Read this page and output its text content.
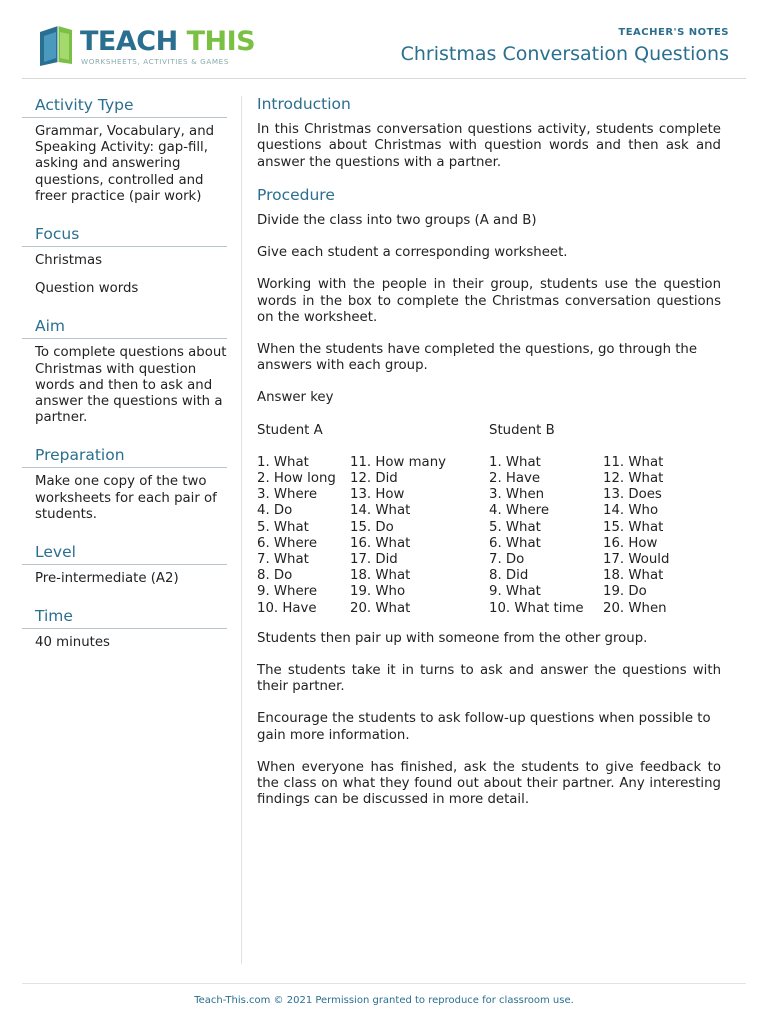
TEACH THIS
WORKSHEETS, ACTIVITIES & GAMES
TEACHER'S NOTES
Christmas Conversation Questions
Activity Type

Grammar, Vocabulary, and Speaking Activity: gap-fill, asking and answering questions, controlled and freer practice (pair work)

Focus

Christmas

Question words

Aim

To complete questions about Christmas with question words and then to ask and answer the questions with a partner.

Preparation

Make one copy of the two worksheets for each pair of students.

Level

Pre-intermediate (A2)

Time

40 minutes

Introduction

In this Christmas conversation questions activity, students complete questions about Christmas with question words and then ask and answer the questions with a partner.

Procedure

Divide the class into two groups (A and B)

Give each student a corresponding worksheet.

Working with the people in their group, students use the question words in the box to complete the Christmas conversation questions on the worksheet.

When the students have completed the questions, go through the answers with each group.

Answer key

Student A	Student B
1. What
2. How long
3. Where
4. Do
5. What
6. Where
7. What
8. Do
9. Where
10. Have
11. How many
12. Did
13. How
14. What
15. Do
16. What
17. Did
18. What
19. Who
20. What
1. What
2. Have
3. When
4. Where
5. What
6. What
7. Do
8. Did
9. What
10. What time
11. What
12. What
13. Does
14. Who
15. What
16. How
17. Would
18. What
19. Do
20. When

Students then pair up with someone from the other group.

The students take it in turns to ask and answer the questions with their partner.

Encourage the students to ask follow-up questions when possible to gain more information.

When everyone has finished, ask the students to give feedback to the class on what they found out about their partner. Any interesting findings can be discussed in more detail.

Teach-This.com © 2021 Permission granted to reproduce for classroom use.
